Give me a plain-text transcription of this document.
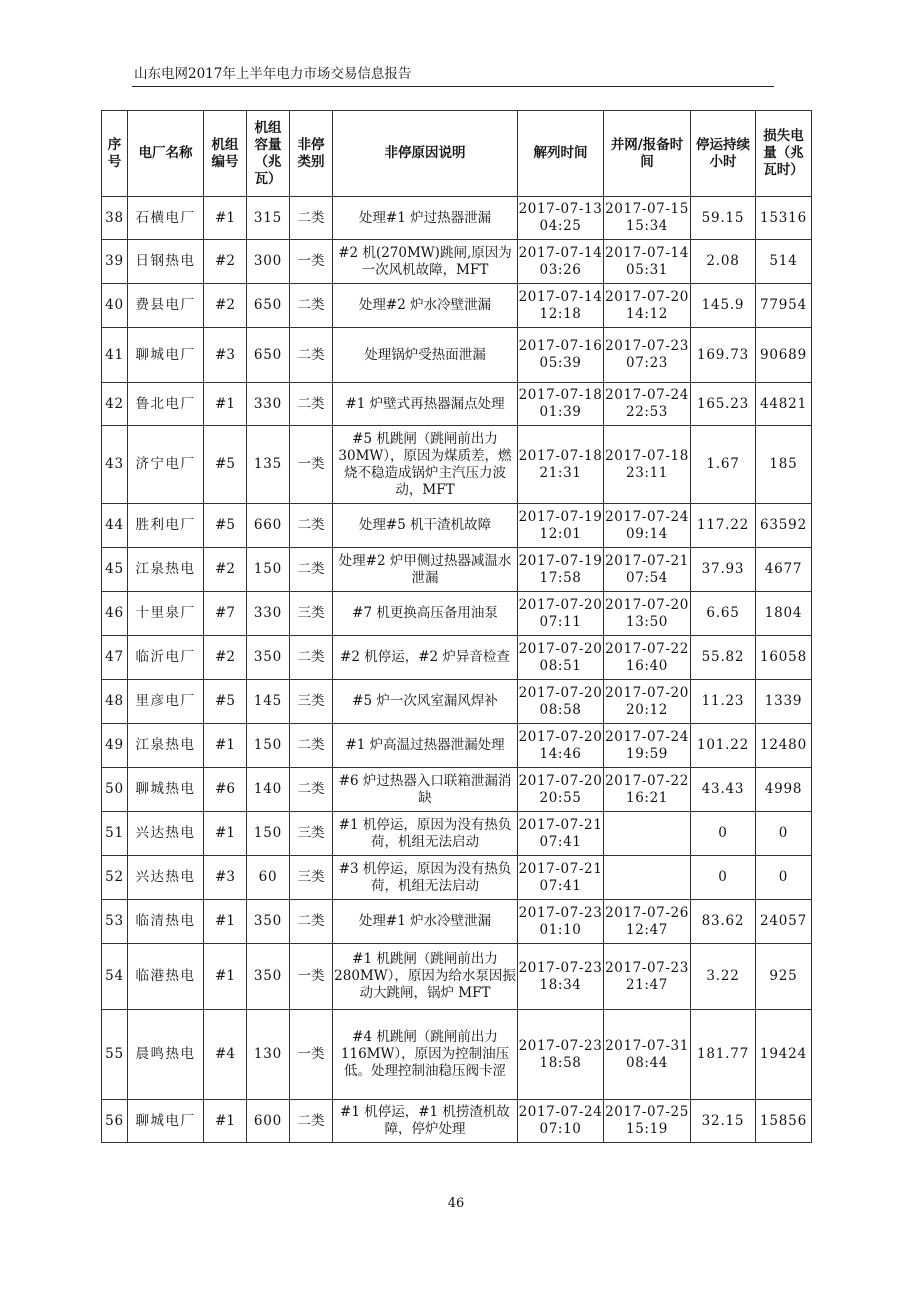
山东电网2017年上半年电力市场交易信息报告
序号	电厂名称	机组编号	机组容量（兆瓦）	非停类别	非停原因说明	解列时间	并网/报备时间	停运持续小时	损失电量（兆瓦时）
38	石横电厂	#1	315	二类	处理#1 炉过热器泄漏	2017-07-13 04:25	2017-07-15 15:34	59.15	15316
39	日钢热电	#2	300	一类	#2 机(270MW)跳闸,原因为一次风机故障，MFT	2017-07-14 03:26	2017-07-14 05:31	2.08	514
40	费县电厂	#2	650	二类	处理#2 炉水冷壁泄漏	2017-07-14 12:18	2017-07-20 14:12	145.9	77954
41	聊城电厂	#3	650	二类	处理锅炉受热面泄漏	2017-07-16 05:39	2017-07-23 07:23	169.73	90689
42	鲁北电厂	#1	330	二类	#1 炉壁式再热器漏点处理	2017-07-18 01:39	2017-07-24 22:53	165.23	44821
43	济宁电厂	#5	135	一类	#5 机跳闸（跳闸前出力30MW），原因为煤质差，燃烧不稳造成锅炉主汽压力波动，MFT	2017-07-18 21:31	2017-07-18 23:11	1.67	185
44	胜利电厂	#5	660	二类	处理#5 机干渣机故障	2017-07-19 12:01	2017-07-24 09:14	117.22	63592
45	江泉热电	#2	150	二类	处理#2 炉甲侧过热器减温水泄漏	2017-07-19 17:58	2017-07-21 07:54	37.93	4677
46	十里泉厂	#7	330	三类	#7 机更换高压备用油泵	2017-07-20 07:11	2017-07-20 13:50	6.65	1804
47	临沂电厂	#2	350	二类	#2 机停运，#2 炉异音检查	2017-07-20 08:51	2017-07-22 16:40	55.82	16058
48	里彦电厂	#5	145	三类	#5 炉一次风室漏风焊补	2017-07-20 08:58	2017-07-20 20:12	11.23	1339
49	江泉热电	#1	150	二类	#1 炉高温过热器泄漏处理	2017-07-20 14:46	2017-07-24 19:59	101.22	12480
50	聊城热电	#6	140	二类	#6 炉过热器入口联箱泄漏消缺	2017-07-20 20:55	2017-07-22 16:21	43.43	4998
51	兴达热电	#1	150	三类	#1 机停运，原因为没有热负荷，机组无法启动	2017-07-21 07:41		0	0
52	兴达热电	#3	60	三类	#3 机停运，原因为没有热负荷，机组无法启动	2017-07-21 07:41		0	0
53	临清热电	#1	350	二类	处理#1 炉水冷壁泄漏	2017-07-23 01:10	2017-07-26 12:47	83.62	24057
54	临港热电	#1	350	一类	#1 机跳闸（跳闸前出力280MW），原因为给水泵因振动大跳闸，锅炉 MFT	2017-07-23 18:34	2017-07-23 21:47	3.22	925
55	晨鸣热电	#4	130	一类	#4 机跳闸（跳闸前出力116MW），原因为控制油压低。处理控制油稳压阀卡涩	2017-07-23 18:58	2017-07-31 08:44	181.77	19424
56	聊城电厂	#1	600	二类	#1 机停运，#1 机捞渣机故障，停炉处理	2017-07-24 07:10	2017-07-25 15:19	32.15	15856
46
